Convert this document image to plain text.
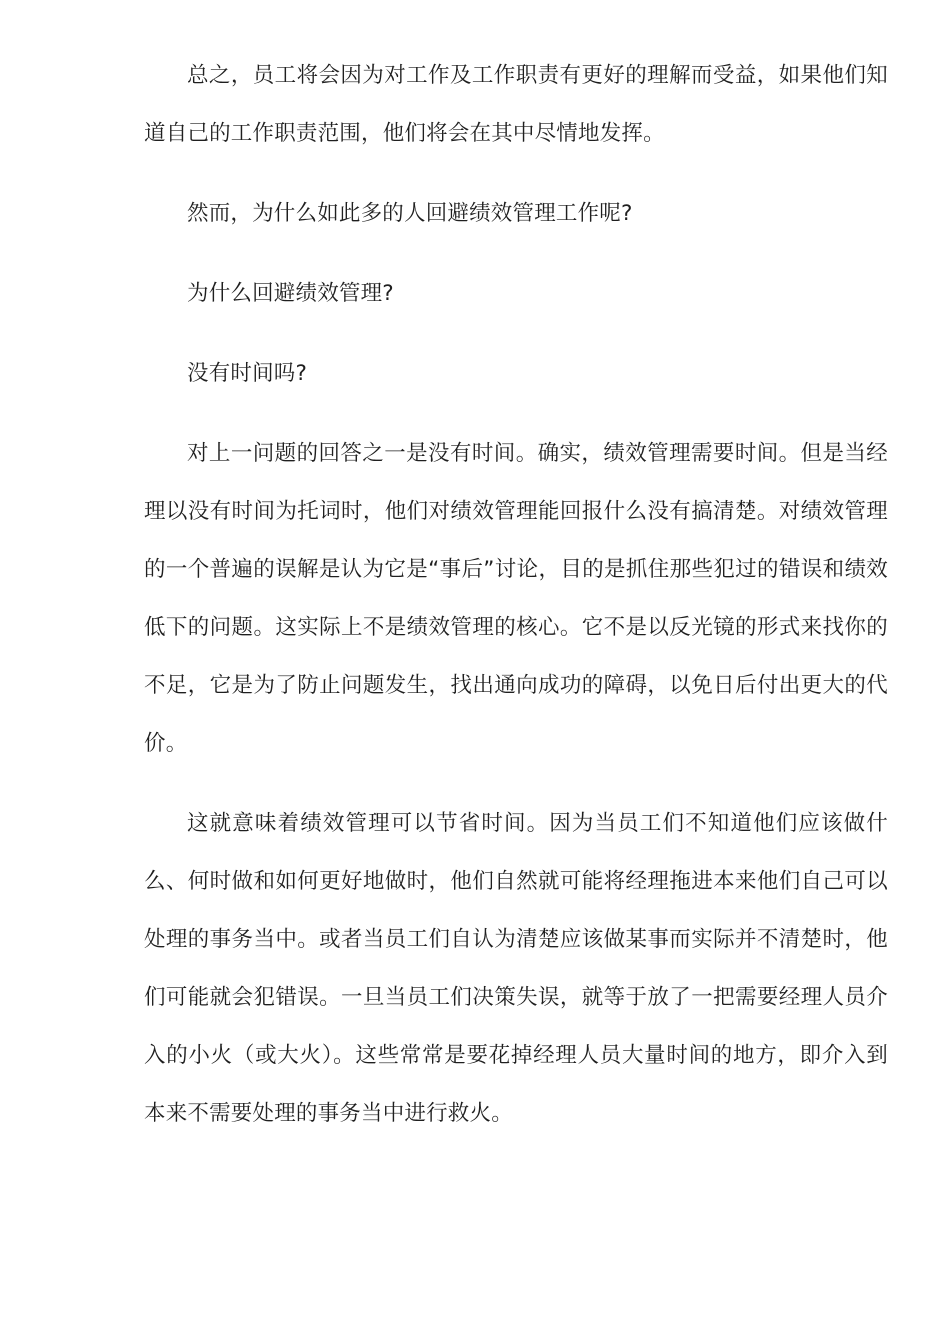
总之，员工将会因为对工作及工作职责有更好的理解而受益，如果他们知道自己的工作职责范围，他们将会在其中尽情地发挥。

然而，为什么如此多的人回避绩效管理工作呢?

为什么回避绩效管理?

没有时间吗?

对上一问题的回答之一是没有时间。确实，绩效管理需要时间。但是当经理以没有时间为托词时，他们对绩效管理能回报什么没有搞清楚。对绩效管理的一个普遍的误解是认为它是“事后”讨论，目的是抓住那些犯过的错误和绩效低下的问题。这实际上不是绩效管理的核心。它不是以反光镜的形式来找你的不足，它是为了防止问题发生，找出通向成功的障碍，以免日后付出更大的代价。

这就意味着绩效管理可以节省时间。因为当员工们不知道他们应该做什么、何时做和如何更好地做时，他们自然就可能将经理拖进本来他们自己可以处理的事务当中。或者当员工们自认为清楚应该做某事而实际并不清楚时，他们可能就会犯错误。一旦当员工们决策失误，就等于放了一把需要经理人员介入的小火（或大火）。这些常常是要花掉经理人员大量时间的地方，即介入到本来不需要处理的事务当中进行救火。
